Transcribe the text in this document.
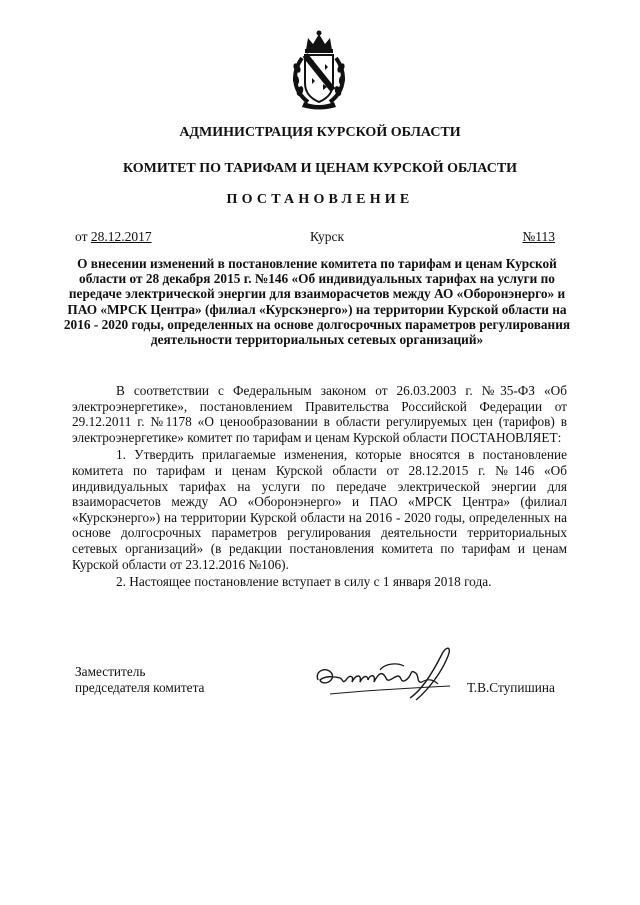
АДМИНИСТРАЦИЯ КУРСКОЙ ОБЛАСТИ
КОМИТЕТ ПО ТАРИФАМ И ЦЕНАМ КУРСКОЙ ОБЛАСТИ
ПОСТАНОВЛЕНИЕ
от 28.12.2017	Курск	№113

О внесении изменений в постановление комитета по тарифам и ценам Курской области от 28 декабря 2015 г. №146 «Об индивидуальных тарифах на услуги по передаче электрической энергии для взаиморасчетов между АО «Оборонэнерго» и ПАО «МРСК Центра» (филиал «Курскэнерго») на территории Курской области на 2016 - 2020 годы, определенных на основе долгосрочных параметров регулирования деятельности территориальных сетевых организаций»

В соответствии с Федеральным законом от 26.03.2003 г. №35-ФЗ «Об электроэнергетике», постановлением Правительства Российской Федерации от 29.12.2011 г. №1178 «О ценообразовании в области регулируемых цен (тарифов) в электроэнергетике» комитет по тарифам и ценам Курской области ПОСТАНОВЛЯЕТ:

1. Утвердить прилагаемые изменения, которые вносятся в постановление комитета по тарифам и ценам Курской области от 28.12.2015 г. №146 «Об индивидуальных тарифах на услуги по передаче электрической энергии для взаиморасчетов между АО «Оборонэнерго» и ПАО «МРСК Центра» (филиал «Курскэнерго») на территории Курской области на 2016 - 2020 годы, определенных на основе долгосрочных параметров регулирования деятельности территориальных сетевых организаций» (в редакции постановления комитета по тарифам и ценам Курской области от 23.12.2016 №106).

2. Настоящее постановление вступает в силу с 1 января 2018 года.

Заместитель
председателя комитета	Т.В.Ступишина
